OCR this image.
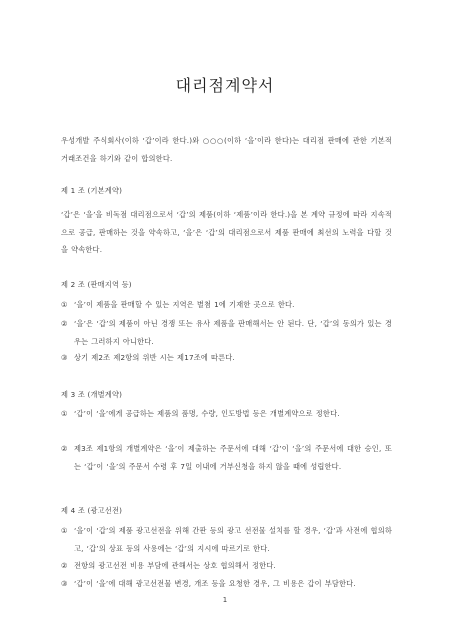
대리점계약서
우성개발 주식회사(이하 ‘갑’이라 한다.)와 ○○○(이하 ‘을’이라 한다)는 대리점 판매에 관한 기본적 거래조건을 하기와 같이 합의한다.
제 1 조 (기본계약)
‘갑’은 ‘을’을 비독점 대리점으로서 ‘갑’의 제품(이하 ‘제품’이라 한다.)을 본 계약 규정에 따라 지속적으로 공급, 판매하는 것을 약속하고, ‘을’은 ‘갑’의 대리점으로서 제품 판매에 최선의 노력을 다할 것을 약속한다.
제 2 조 (판매지역 등)
① ‘을’이 제품을 판매할 수 있는 지역은 별첨 1에 기재한 곳으로 한다.
② ‘을’은 ‘갑’의 제품이 아닌 경쟁 또는 유사 제품을 판매해서는 안 된다. 단, ‘갑’의 동의가 있는 경우는 그러하지 아니한다.
③ 상기 제2조 제2항의 위반 시는 제17조에 따른다.
제 3 조 (개별계약)
① ‘갑’이 ‘을’에게 공급하는 제품의 품명, 수량, 인도방법 등은 개별계약으로 정한다.
② 제3조 제1항의 개별계약은 ‘을’이 제출하는 주문서에 대해 ‘갑’이 ‘을’의 주문서에 대한 승인, 또는 ‘갑’이 ‘을’의 주문서 수령 후 7일 이내에 거부신청을 하지 않을 때에 성립한다.
제 4 조 (광고선전)
① ‘을’이 ‘갑’의 제품 광고선전을 위해 간판 등의 광고 선전물 설치를 할 경우, ‘갑’과 사전에 협의하고, ‘갑’의 상표 등의 사용에는 ‘갑’의 지시에 따르기로 한다.
② 전항의 광고선전 비용 부담에 관해서는 상호 협의해서 정한다.
③ ‘갑’이 ‘을’에 대해 광고선전물 변경, 개조 등을 요청한 경우, 그 비용은 갑이 부담한다.
1
